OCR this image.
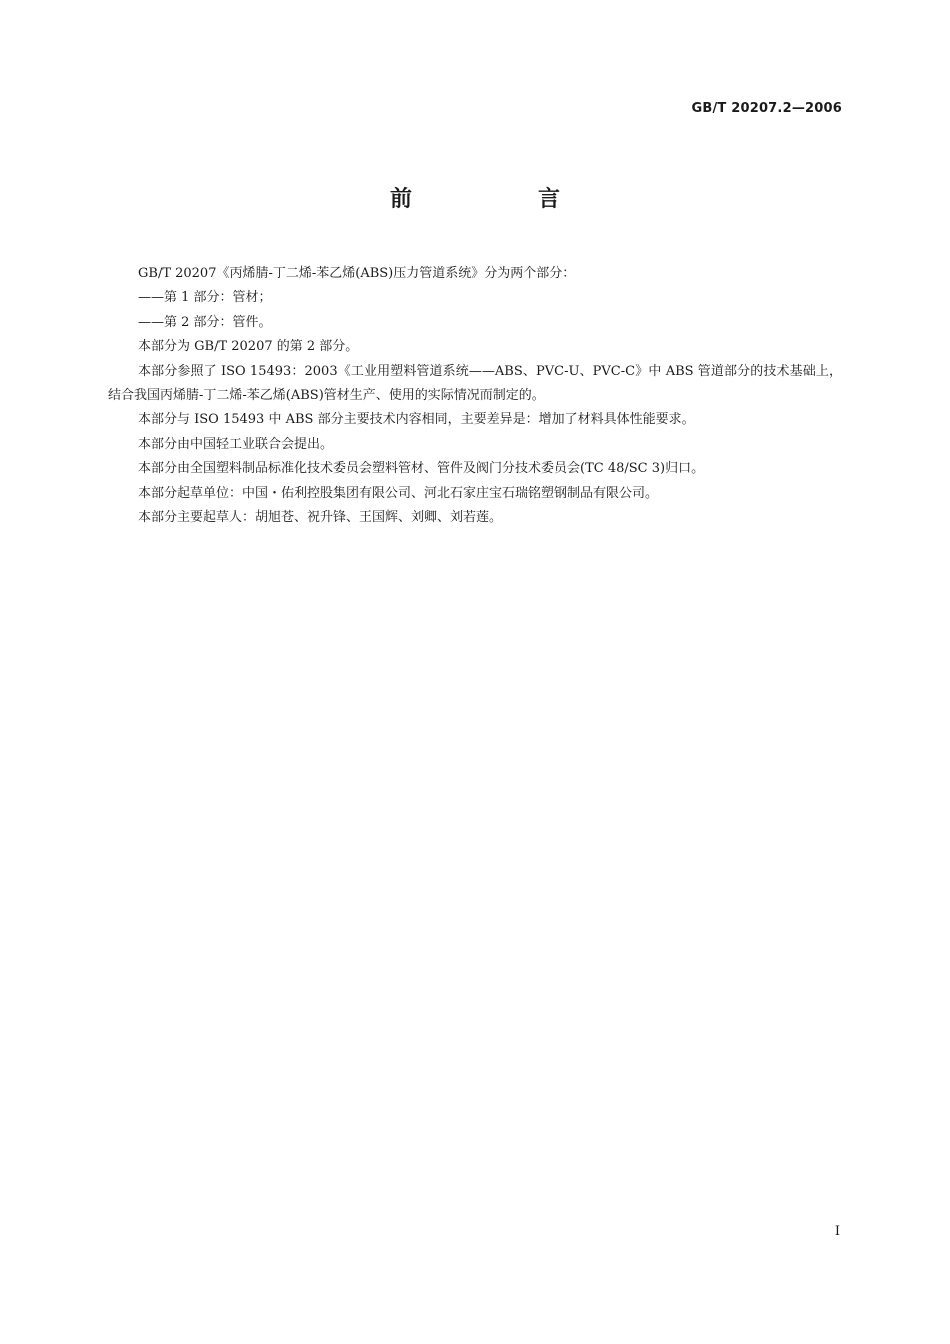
GB/T 20207.2—2006
前　言

GB/T 20207《丙烯腈-丁二烯-苯乙烯(ABS)压力管道系统》分为两个部分：

——第 1 部分：管材；

——第 2 部分：管件。

本部分为 GB/T 20207 的第 2 部分。

本部分参照了 ISO 15493：2003《工业用塑料管道系统——ABS、PVC-U、PVC-C》中 ABS 管道部分的技术基础上，结合我国丙烯腈-丁二烯-苯乙烯(ABS)管材生产、使用的实际情况而制定的。

本部分与 ISO 15493 中 ABS 部分主要技术内容相同，主要差异是：增加了材料具体性能要求。

本部分由中国轻工业联合会提出。

本部分由全国塑料制品标准化技术委员会塑料管材、管件及阀门分技术委员会(TC 48/SC 3)归口。

本部分起草单位：中国・佑利控股集团有限公司、河北石家庄宝石瑞铭塑钢制品有限公司。

本部分主要起草人：胡旭苍、祝升锋、王国辉、刘卿、刘若莲。

I
